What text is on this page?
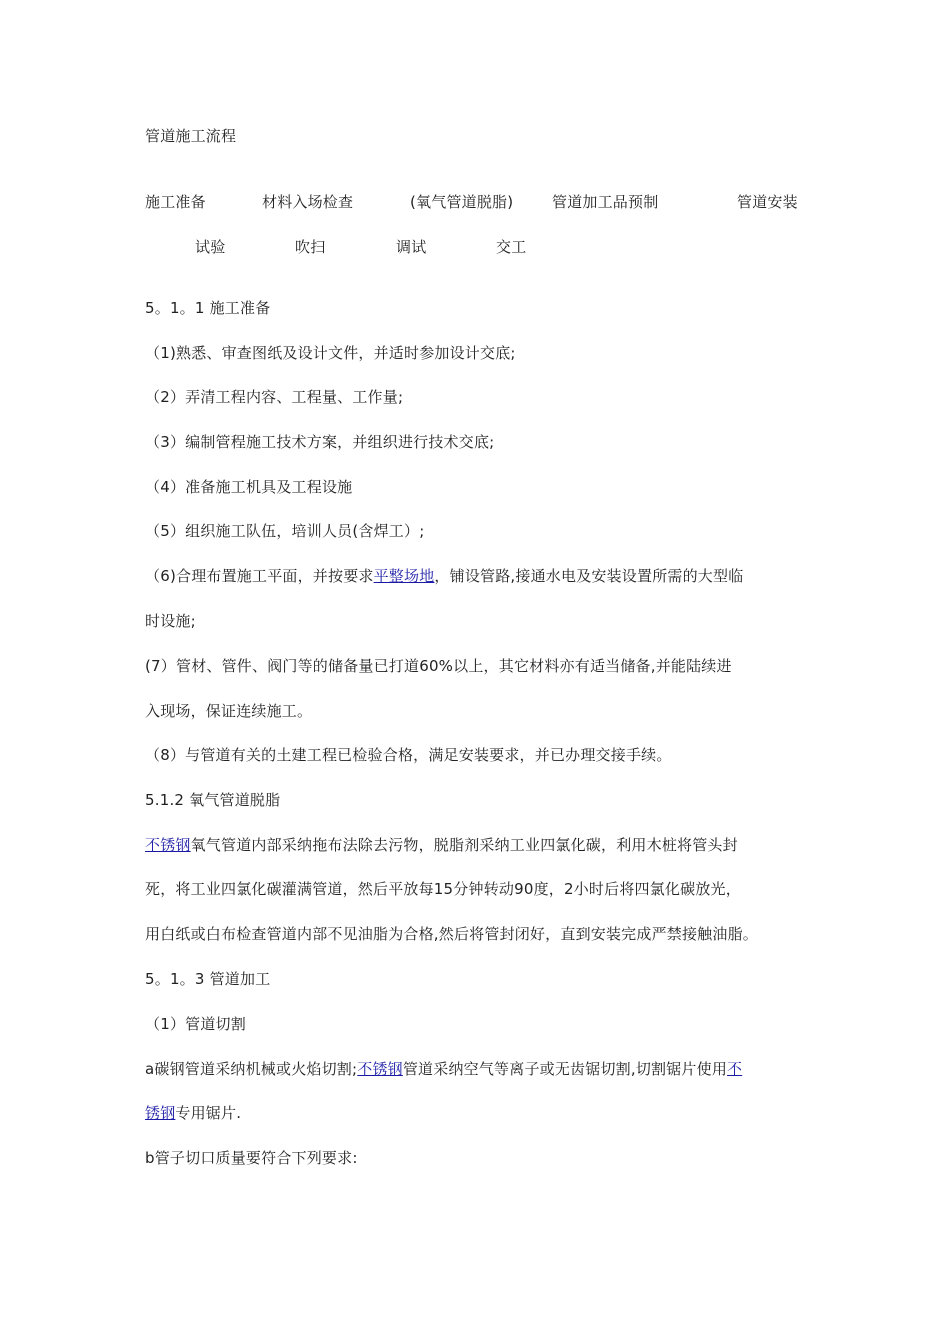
管道施工流程
施工准备	材料入场检查	(氧气管道脱脂)	管道加工品预制	管道安装
试验	吹扫	调试	交工
5。1。1 施工准备
（1)熟悉、审查图纸及设计文件，并适时参加设计交底;
（2）弄清工程内容、工程量、工作量;
（3）编制管程施工技术方案，并组织进行技术交底;
（4）准备施工机具及工程设施
（5）组织施工队伍，培训人员(含焊工）;
（6)合理布置施工平面，并按要求平整场地，铺设管路,接通水电及安装设置所需的大型临
时设施;
(7）管材、管件、阀门等的储备量已打道60%以上，其它材料亦有适当储备,并能陆续进
入现场，保证连续施工。
（8）与管道有关的土建工程已检验合格，满足安装要求，并已办理交接手续。
5.1.2 氧气管道脱脂
不锈钢氧气管道内部采纳拖布法除去污物，脱脂剂采纳工业四氯化碳，利用木桩将管头封
死，将工业四氯化碳灌满管道，然后平放每15分钟转动90度，2小时后将四氯化碳放光，
用白纸或白布检查管道内部不见油脂为合格,然后将管封闭好，直到安装完成严禁接触油脂。
5。1。3 管道加工
（1）管道切割
a碳钢管道采纳机械或火焰切割;不锈钢管道采纳空气等离子或无齿锯切割,切割锯片使用不
锈钢专用锯片.
b管子切口质量要符合下列要求:
